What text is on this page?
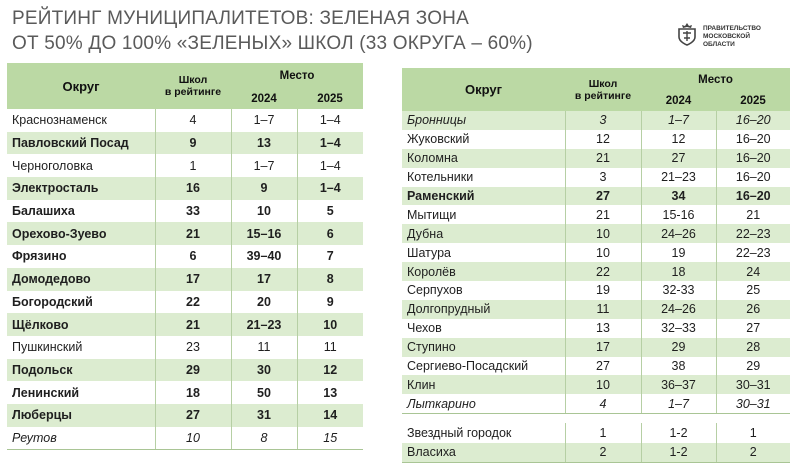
РЕЙТИНГ МУНИЦИПАЛИТЕТОВ: ЗЕЛЕНАЯ ЗОНА
ОТ 50% ДО 100% «ЗЕЛЕНЫХ» ШКОЛ (33 ОКРУГА – 60%)
ПРАВИТЕЛЬСТВО
МОСКОВСКОЙ ОБЛАСТИ
Округ	Школ
в рейтинге	Место	
		2024	2025
Краснознаменск	4	1–7	1–4
Павловский Посад	9	13	1–4
Черноголовка	1	1–7	1–4
Электросталь	16	9	1–4
Балашиха	33	10	5
Орехово-Зуево	21	15–16	6
Фрязино	6	39–40	7
Домодедово	17	17	8
Богородский	22	20	9
Щёлково	21	21–23	10
Пушкинский	23	11	11
Подольск	29	30	12
Ленинский	18	50	13
Люберцы	27	31	14
Реутов	10	8	15
Округ	Школ
в рейтинге	Место	
		2024	2025
Бронницы	3	1–7	16–20
Жуковский	12	12	16–20
Коломна	21	27	16–20
Котельники	3	21–23	16–20
Раменский	27	34	16–20
Мытищи	21	15-16	21
Дубна	10	24–26	22–23
Шатура	10	19	22–23
Королёв	22	18	24
Серпухов	19	32-33	25
Долгопрудный	11	24–26	26
Чехов	13	32–33	27
Ступино	17	29	28
Сергиево-Посадский	27	38	29
Клин	10	36–37	30–31
Лыткарино	4	1–7	30–31
Звездный городок	1	1-2	1
Власиха	2	1-2	2
